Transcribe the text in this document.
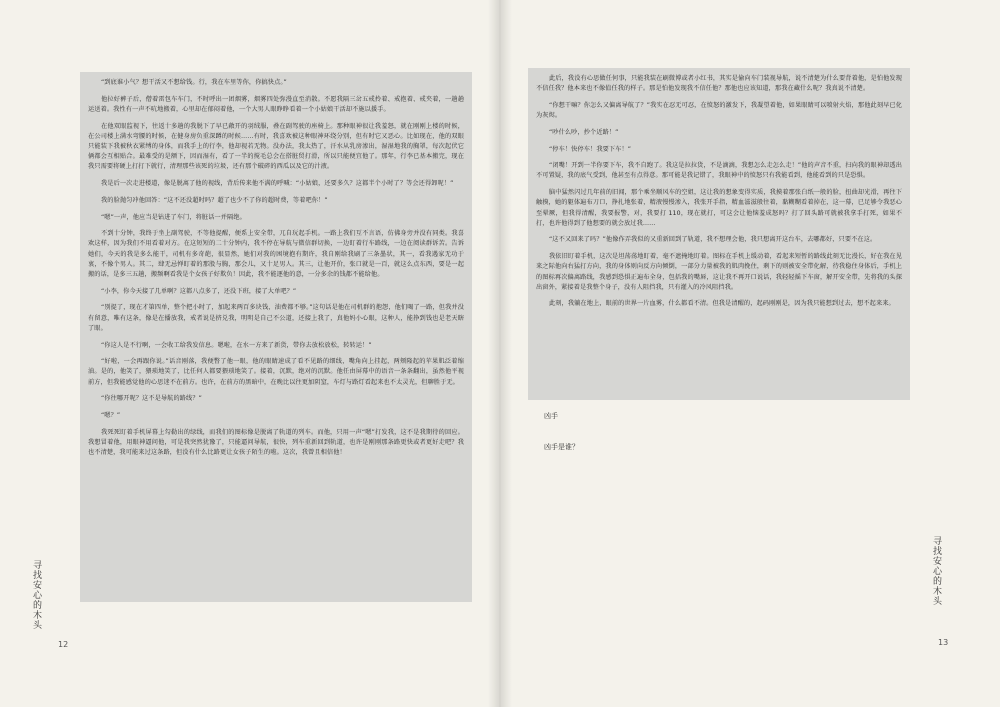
“到底谁小气？想干活又不想给钱。行，我在车里等你，你搞快点。”

他拉好裤子后，僧着雷包车车门，不时呼出一团烟雾，烟雾四处弥漫直至消散。不愿我隔三岔五戒拎着、戒抱着、戒夹着，一趟趟运送着。我性有一声不吭地搬着，心里却在郁闷着他，一个大男人眼睁睁看着一个小姑娘干活却不施以援手。

在他双眼监视下，往返十多趟的我脱下了早已敞开的羽绒服，叠在副驾驶的座椅上。那种眼神很让我羞怒，就在刚刚上楼的时候，在公司楼上满水弯腰的时候，在健身房负重深蹲的时候……有时，我喜欢被这种眼神环绕分别，但有时它又恶心。比如现在，他的双眼只能装下我被秋衣紧缚的身体，而我手上的行李，他却视若无物。没办法，我太热了，汗水从乳房渗出，湿湿地我的胸罩，每次起伏它俩都会互相贴合。最难受的是额下，因而湿有，看了一半的搅毛总会在搭脏贸打滑，所以只能便宜他了。那年，行李已基本搬完，现在我只需要将硬上打打下就行，清理那些该死的垃圾，还有那个破碎的西瓜以及它的汁液。

我是后一次走进楼道，像是脱离了他的视线，背后传来他不满的呼喊：“小姑娘，还要多久？这都半个小时了？等会还得卸呢！”

我的脸抛匀冲他回答：“这不还没超时吗？超了也少不了你的超时费，等着吧你！”

“嗯”一声，他应当是钻进了车门，将脏话一并隔绝。

不到十分钟，我终于坐上副驾驶，不等他提醒，便系上安全带，兀自玩起手机。一路上我们互不言语，仿佛身旁并没有同类。我喜欢这样，因为我们不用看着对方。在这短短的二十分钟内，我不停在导航与微信群切换，一边盯着行车路线，一边在阅读群诉苦。告诉她们，今天的我是多么能干，司机有多奇葩，很显然，她们对我的困境抱有期许，我自刚给我刷了三条墨状，其一，看我遇家无功于衷，不像个男人。其二，肆无忌惮盯着的那股与胸，那会儿，又十足男人。其三，让他开价，张口就是一百，就这么点东西，要是一起搬的话，是多三五趟，搬频啊看我是个女孩子好欺负！因此，我不能逐他的意，一分多余的钱都不能给他。

“小李，你今天接了几单啊？这都八点多了，还没下班，接了大单吧？”

“别提了，现在才第四单，整个把小时了，加起来两百多块钱，油费都不够。”这句话是他在司机群的抱怨，他们喝了一路，但我并没有留意，唯有这条，像是在播放我，戒者说是挤兑我，明明是自己不公道，还接上我了，真他妈小心眼，这种人，能挣到钱也是老天瞎了眼。

“你这人是不行啊，一会收工给我发信息。嗯啦，在水一方来了新货，带你去放松放松，转转运！”

“好啦，一会再跟你说。”话音刚落，我便瞥了他一眼，他的眼睛速成了看不见路的细线，嘴角向上挂起，两颊隆起的苹果肌泛着缩油。是的，他笑了，猥琐地笑了，比任何人都要猥琐地笑了。接着，沉默，绝对的沉默。他任由屏幕中的语音一条条翻出，虽然他平视前方，但我能感觉他的心思迷不在前方。也许，在前方的黑暗中，在晚比以往更加阴窒，车灯与路灯看起来也不太灵光，但聊胜于无。

“你往哪开呢？这不是导航的路线？”

“嗯？”

我死死盯着手机屏幕上勾勒出的绿线，而我们的图标像是脱离了轨道的列车。而他，只用一声“嗯”打发我，这不是我期待的回应。我想冒着他，用眼神逼问他，可是我突然犹豫了，只能逼问导航，很快，列车重新回到轨道，也许是刚刚那条路更快或者更好走吧？我也不清楚，我可能来过这条路，但没有什么比路更让女孩子陌生的啦。这次，我曾且相信他！

寻找安心的木头
12

此后，我没有心思做任何事，只能我装在刷微博或者小红书，其实是偷向车门装视导航，说不清楚为什么要背着他，是怕他发现不信任我？他本来也不像值任我的样子。那是怕他发现我不信任他？那他也应该知道，那我在藏什么呢？我真说不清楚。

“你想干嘛？你怎么又偏离导航了？”我实在忍无可忍，在愤怒的激发下，我凝望着他，如果眼睛可以喷射火焰，那他此刻早已化为灰烬。

“吵什么吵，抄个近路！”

“停车！快停车！我要下车！”

“闭嘴！开到一半你要下车，我不自跑了。我这是拉拉货，不是滴滴，我想怎么走怎么走！”他的声音不重，扫向我的眼神却透出不可置疑，我的底气受到，他甚至有点得意。那可能是我记错了，我眼神中的愤怒只有我能看到，他能看到的只是恐惧。

脑中猛然闪过几年前的旧闻，那个乘坐顺风车的空姐，这让我的想象变得实质，我摸着那张白纸一般的脸，扭曲却光滑，再往下触摸，她的躯体遍布刀口，挣扎地张着，精液慢慢渗入，我张开手指，精血滋滋般往着，黏糊糊看着掉在，这一幕，已足够令我恶心至晕厥，但我得清醒，我要报警，对，我要打 110，现在就打，可这会让他恼羞成怒吗？打了回头路可就被我拿手打死，如果不打，也许他得到了他想要的就会放过我……

“这不又回来了吗？”他像作弄我似的又重新回到了轨道，我不想理会他，我只想离开这台车，去哪都好，只要不在这。

我依旧盯着手机，这次是坦荡荡地盯着，毫不遮掩地盯着。图标在手机上缓动着，看起来短暂的路线此刻无比漫长，好在我在见来之际他向右猛打方向，我的身体则向反方向倾倒，一部分力量被我的肌肉挽住，剩下的则被安全带化解，待我稳住身体后，手机上的图标再次偏离路线，我感到恐惧正遍布全身，包括我的嘴唇，这让我不再开口说话，我轻轻摇下车窗，解开安全带，先将我的头探出窗外，紧接着是我整个身子，没有人阻挡我，只有灌入的冷风阻挡我。

此刻，我躺在地上，眼前的世界一片血雾，什么都看不清。但我是清醒的，起码刚刚是，因为我只能想到过去，想不起来来。

凶手
凶手是谁？
寻找安心的木头
13
